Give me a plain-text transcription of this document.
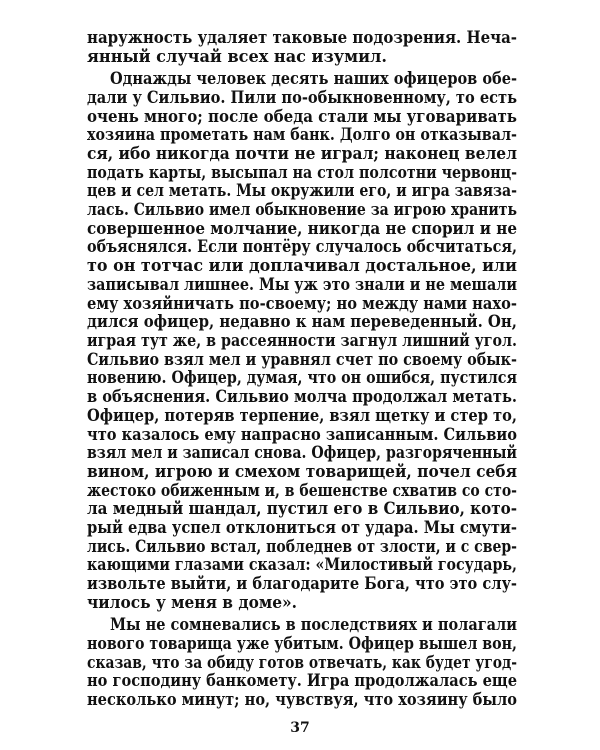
наружность удаляет таковые подозрения. Неча-
янный случай всех нас изумил.
Однажды человек десять наших офицеров обе-
дали у Сильвио. Пили по-обыкновенному, то есть
очень много; после обеда стали мы уговаривать
хозяина прометать нам банк. Долго он отказывал-
ся, ибо никогда почти не играл; наконец велел
подать карты, высыпал на стол полсотни червонц-
цев и сел метать. Мы окружили его, и игра завяза-
лась. Сильвио имел обыкновение за игрою хранить
совершенное молчание, никогда не спорил и не
объяснялся. Если понтёру случалось обсчитаться,
то он тотчас или доплачивал достальное, или
записывал лишнее. Мы уж это знали и не мешали
ему хозяйничать по-своему; но между нами нахо-
дился офицер, недавно к нам переведенный. Он,
играя тут же, в рассеянности загнул лишний угол.
Сильвио взял мел и уравнял счет по своему обык-
новению. Офицер, думая, что он ошибся, пустился
в объяснения. Сильвио молча продолжал метать.
Офицер, потеряв терпение, взял щетку и стер то,
что казалось ему напрасно записанным. Сильвио
взял мел и записал снова. Офицер, разгоряченный
вином, игрою и смехом товарищей, почел себя
жестоко обиженным и, в бешенстве схватив со сто-
ла медный шандал, пустил его в Сильвио, кото-
рый едва успел отклониться от удара. Мы смути-
лись. Сильвио встал, побледнев от злости, и с свер-
кающими глазами сказал: «Милостивый государь,
извольте выйти, и благодарите Бога, что это слу-
чилось у меня в доме».
Мы не сомневались в последствиях и полагали
нового товарища уже убитым. Офицер вышел вон,
сказав, что за обиду готов отвечать, как будет угод-
но господину банкомету. Игра продолжалась еще
несколько минут; но, чувствуя, что хозяину было
37
